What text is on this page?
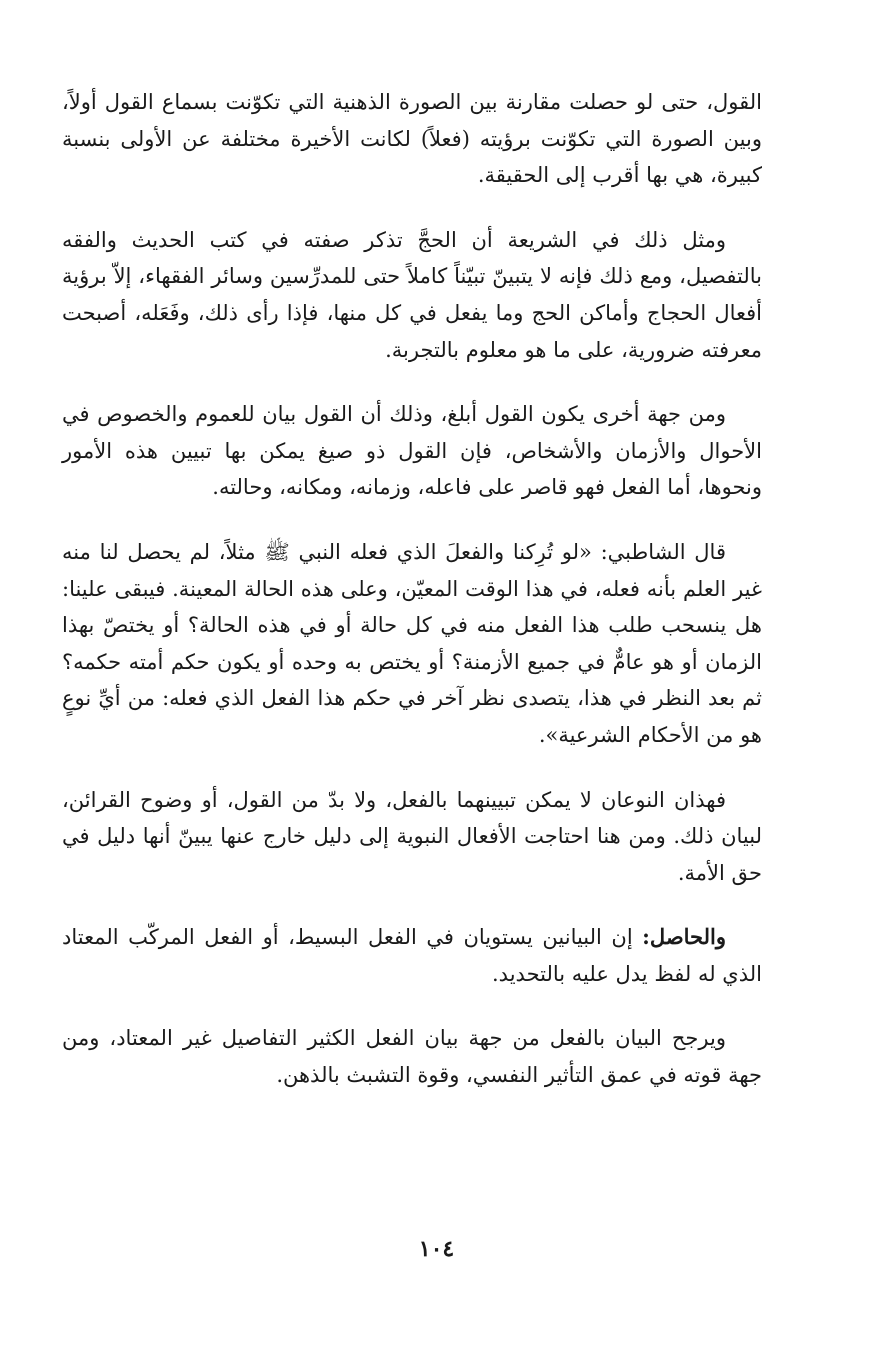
القول، حتى لو حصلت مقارنة بين الصورة الذهنية التي تكوّنت بسماع القول أولاً، وبين الصورة التي تكوّنت برؤيته (فعلاً) لكانت الأخيرة مختلفة عن الأولى بنسبة كبيرة، هي بها أقرب إلى الحقيقة.

ومثل ذلك في الشريعة أن الحجَّ تذكر صفته في كتب الحديث والفقه بالتفصيل، ومع ذلك فإنه لا يتبينّ تبيّناً كاملاً حتى للمدرِّسين وسائر الفقهاء، إلاّ برؤية أفعال الحجاج وأماكن الحج وما يفعل في كل منها، فإذا رأى ذلك، وفَعَله، أصبحت معرفته ضرورية، على ما هو معلوم بالتجربة.

ومن جهة أخرى يكون القول أبلغ، وذلك أن القول بيان للعموم والخصوص في الأحوال والأزمان والأشخاص، فإن القول ذو صيغ يمكن بها تبيين هذه الأمور ونحوها، أما الفعل فهو قاصر على فاعله، وزمانه، ومكانه، وحالته.

قال الشاطبي: «لو تُرِكنا والفعلَ الذي فعله النبي ﷺ مثلاً، لم يحصل لنا منه غير العلم بأنه فعله، في هذا الوقت المعيّن، وعلى هذه الحالة المعينة. فيبقى علينا: هل ينسحب طلب هذا الفعل منه في كل حالة أو في هذه الحالة؟ أو يختصّ بهذا الزمان أو هو عامٌّ في جميع الأزمنة؟ أو يختص به وحده أو يكون حكم أمته حكمه؟ ثم بعد النظر في هذا، يتصدى نظر آخر في حكم هذا الفعل الذي فعله: من أيِّ نوعٍ هو من الأحكام الشرعية».

فهذان النوعان لا يمكن تبيينهما بالفعل، ولا بدّ من القول، أو وضوح القرائن، لبيان ذلك. ومن هنا احتاجت الأفعال النبوية إلى دليل خارج عنها يبينّ أنها دليل في حق الأمة.

والحاصل: إن البيانين يستويان في الفعل البسيط، أو الفعل المركّب المعتاد الذي له لفظ يدل عليه بالتحديد.

ويرجح البيان بالفعل من جهة بيان الفعل الكثير التفاصيل غير المعتاد، ومن جهة قوته في عمق التأثير النفسي، وقوة التشبث بالذهن.

١٠٤
